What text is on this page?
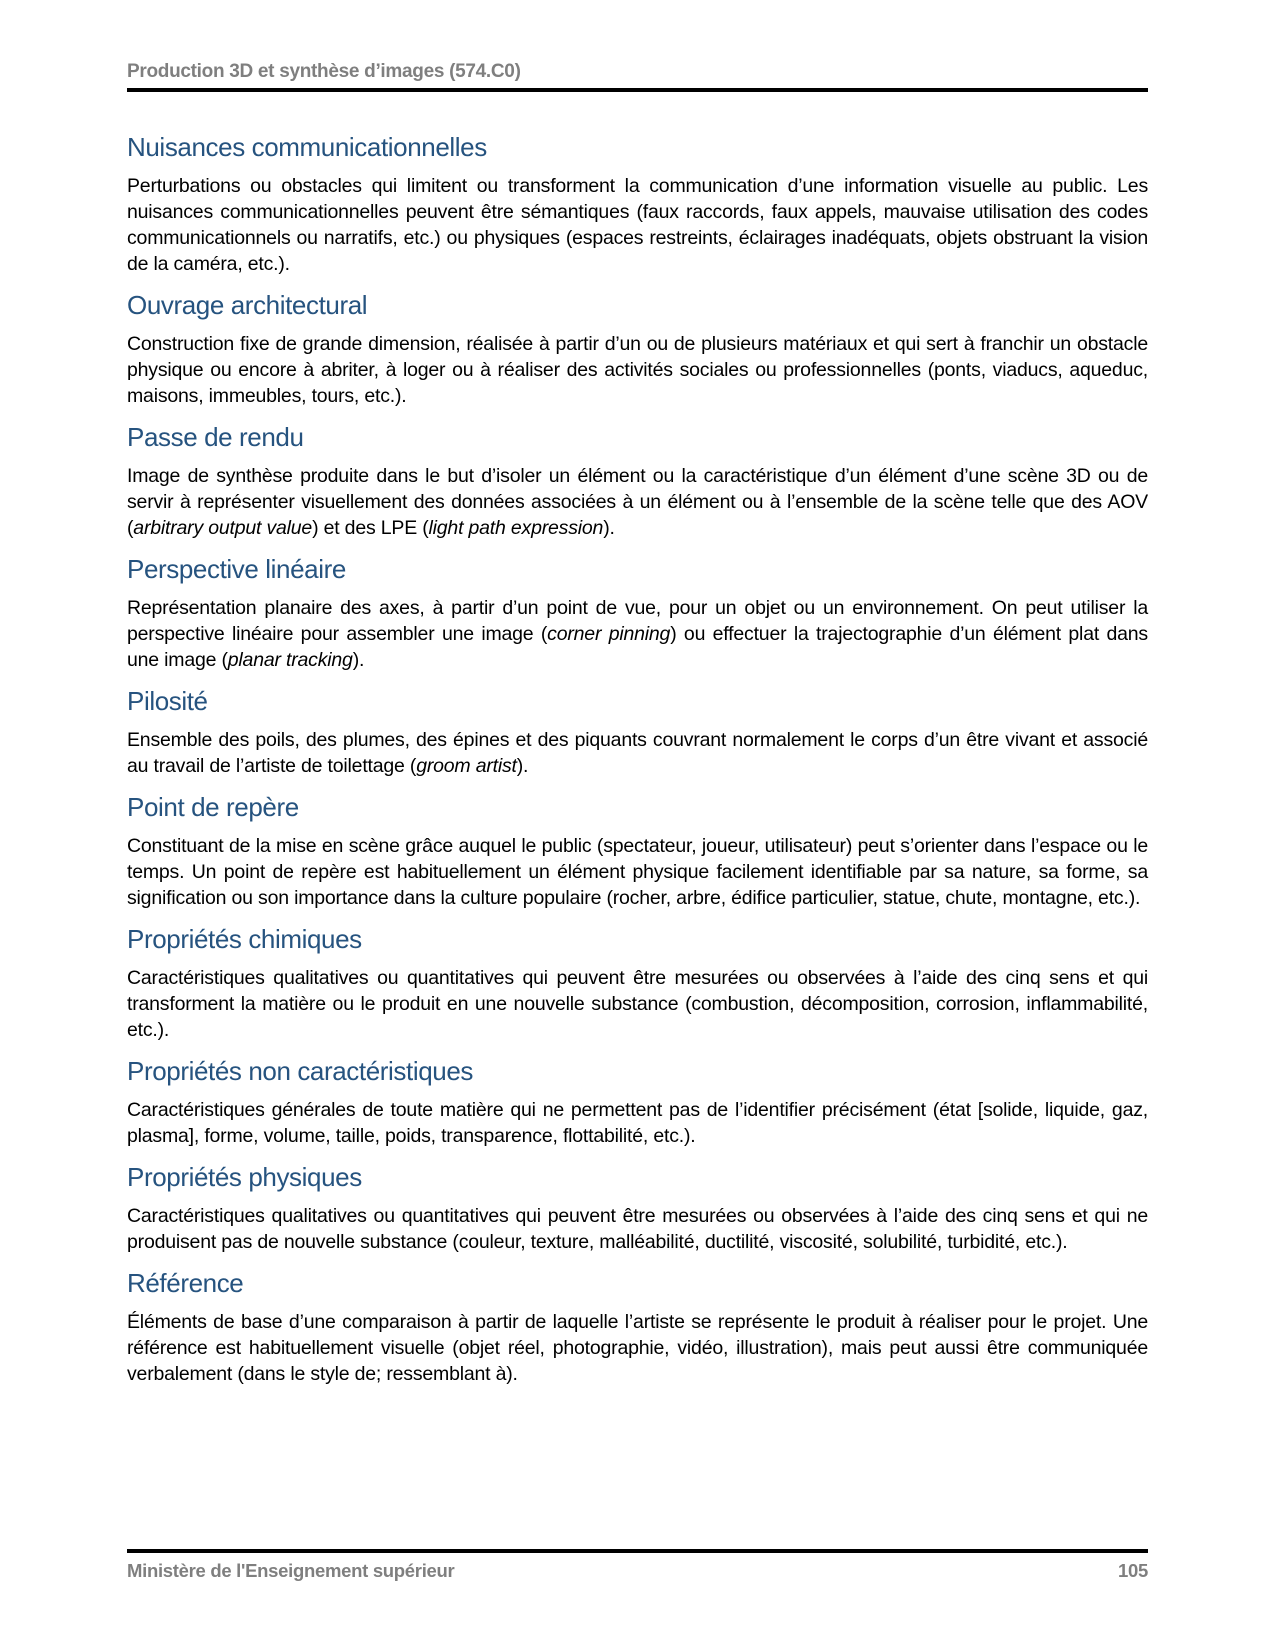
Production 3D et synthèse d’images (574.C0)
Nuisances communicationnelles

Perturbations ou obstacles qui limitent ou transforment la communication d’une information visuelle au public. Les nuisances communicationnelles peuvent être sémantiques (faux raccords, faux appels, mauvaise utilisation des codes communicationnels ou narratifs, etc.) ou physiques (espaces restreints, éclairages inadéquats, objets obstruant la vision de la caméra, etc.).

Ouvrage architectural

Construction fixe de grande dimension, réalisée à partir d’un ou de plusieurs matériaux et qui sert à franchir un obstacle physique ou encore à abriter, à loger ou à réaliser des activités sociales ou professionnelles (ponts, viaducs, aqueduc, maisons, immeubles, tours, etc.).

Passe de rendu

Image de synthèse produite dans le but d’isoler un élément ou la caractéristique d’un élément d’une scène 3D ou de servir à représenter visuellement des données associées à un élément ou à l’ensemble de la scène telle que des AOV (arbitrary output value) et des LPE (light path expression).

Perspective linéaire

Représentation planaire des axes, à partir d’un point de vue, pour un objet ou un environnement. On peut utiliser la perspective linéaire pour assembler une image (corner pinning) ou effectuer la trajectographie d’un élément plat dans une image (planar tracking).

Pilosité

Ensemble des poils, des plumes, des épines et des piquants couvrant normalement le corps d’un être vivant et associé au travail de l’artiste de toilettage (groom artist).

Point de repère

Constituant de la mise en scène grâce auquel le public (spectateur, joueur, utilisateur) peut s’orienter dans l’espace ou le temps. Un point de repère est habituellement un élément physique facilement identifiable par sa nature, sa forme, sa signification ou son importance dans la culture populaire (rocher, arbre, édifice particulier, statue, chute, montagne, etc.).

Propriétés chimiques

Caractéristiques qualitatives ou quantitatives qui peuvent être mesurées ou observées à l’aide des cinq sens et qui transforment la matière ou le produit en une nouvelle substance (combustion, décomposition, corrosion, inflammabilité, etc.).

Propriétés non caractéristiques

Caractéristiques générales de toute matière qui ne permettent pas de l’identifier précisément (état [solide, liquide, gaz, plasma], forme, volume, taille, poids, transparence, flottabilité, etc.).

Propriétés physiques

Caractéristiques qualitatives ou quantitatives qui peuvent être mesurées ou observées à l’aide des cinq sens et qui ne produisent pas de nouvelle substance (couleur, texture, malléabilité, ductilité, viscosité, solubilité, turbidité, etc.).

Référence

Éléments de base d’une comparaison à partir de laquelle l’artiste se représente le produit à réaliser pour le projet. Une référence est habituellement visuelle (objet réel, photographie, vidéo, illustration), mais peut aussi être communiquée verbalement (dans le style de; ressemblant à).

Ministère de l'Enseignement supérieur	105
